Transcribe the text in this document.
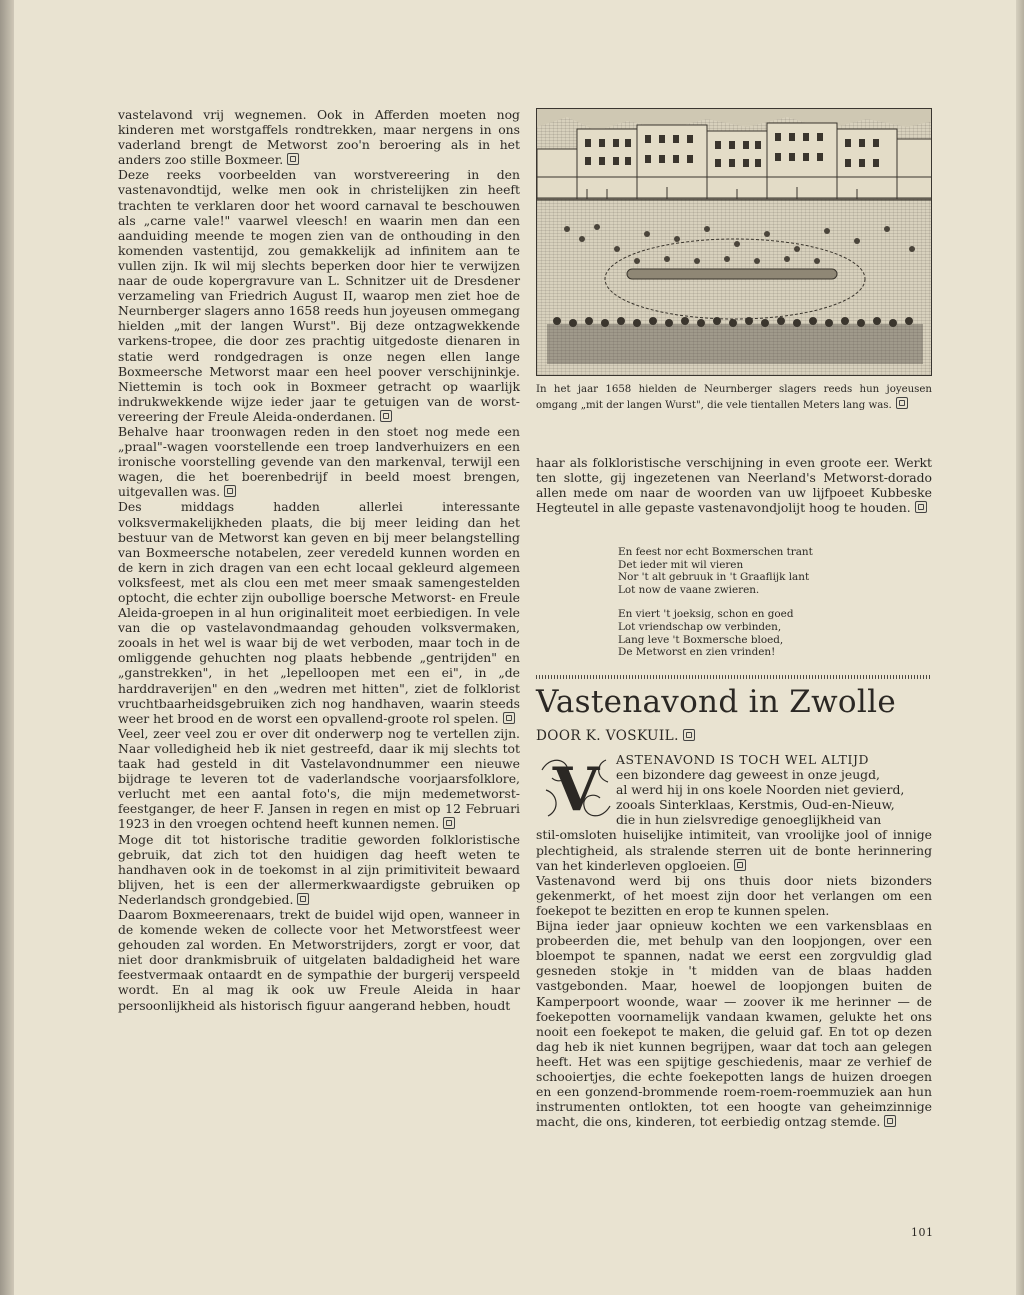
vastelavond vrij wegnemen. Ook in Afferden moeten nog kinderen met worstgaffels rondtrekken, maar nergens in ons vaderland brengt de Metworst zoo'n beroering als in het anders zoo stille Boxmeer.

Deze reeks voorbeelden van worstvereering in den vastenavondtijd, welke men ook in christelijken zin heeft trachten te verklaren door het woord carnaval te beschouwen als „carne vale!" vaarwel vleesch! en waarin men dan een aanduiding meende te mogen zien van de onthouding in den komenden vastentijd, zou gemakkelijk ad infinitem aan te vullen zijn. Ik wil mij slechts beperken door hier te verwijzen naar de oude kopergravure van L. Schnitzer uit de Dresdener verzameling van Friedrich August II, waarop men ziet hoe de Neurnberger slagers anno 1658 reeds hun joyeusen ommegang hielden „mit der langen Wurst". Bij deze ontzagwekkende varkens-tropee, die door zes prachtig uitgedoste dienaren in statie werd rondgedragen is onze negen ellen lange Boxmeersche Metworst maar een heel poover verschijninkje. Niettemin is toch ook in Boxmeer getracht op waarlijk indrukwekkende wijze ieder jaar te getuigen van de worst-vereering der Freule Aleida-onderdanen.

Behalve haar troonwagen reden in den stoet nog mede een „praal"-wagen voorstellende een troep landverhuizers en een ironische voorstelling gevende van den markenval, terwijl een wagen, die het boerenbedrijf in beeld moest brengen, uitgevallen was.

Des middags hadden allerlei interessante volksvermakelijkheden plaats, die bij meer leiding dan het bestuur van de Metworst kan geven en bij meer belangstelling van Boxmeersche notabelen, zeer veredeld kunnen worden en de kern in zich dragen van een echt locaal gekleurd algemeen volksfeest, met als clou een met meer smaak samengestelden optocht, die echter zijn oubollige boersche Metworst- en Freule Aleida-groepen in al hun originaliteit moet eerbiedigen. In vele van die op vastelavondmaandag gehouden volksvermaken, zooals in het wel is waar bij de wet verboden, maar toch in de omliggende gehuchten nog plaats hebbende „gentrijden" en „ganstrekken", in het „lepelloopen met een ei", in „de harddraverijen" en den „wedren met hitten", ziet de folklorist vruchtbaarheidsgebruiken zich nog handhaven, waarin steeds weer het brood en de worst een opvallend-groote rol spelen.

Veel, zeer veel zou er over dit onderwerp nog te vertellen zijn. Naar volledigheid heb ik niet gestreefd, daar ik mij slechts tot taak had gesteld in dit Vastelavondnummer een nieuwe bijdrage te leveren tot de vaderlandsche voorjaarsfolklore, verlucht met een aantal foto's, die mijn medemetworst-feestganger, de heer F. Jansen in regen en mist op 12 Februari 1923 in den vroegen ochtend heeft kunnen nemen.

Moge dit tot historische traditie geworden folkloristische gebruik, dat zich tot den huidigen dag heeft weten te handhaven ook in de toekomst in al zijn primitiviteit bewaard blijven, het is een der allermerkwaardigste gebruiken op Nederlandsch grondgebied.

Daarom Boxmeerenaars, trekt de buidel wijd open, wanneer in de komende weken de collecte voor het Metworstfeest weer gehouden zal worden. En Metworstrijders, zorgt er voor, dat niet door drankmisbruik of uitgelaten baldadigheid het ware feestvermaak ontaardt en de sympathie der burgerij verspeeld wordt. En al mag ik ook uw Freule Aleida in haar persoonlijkheid als historisch figuur aangerand hebben, houdt

In het jaar 1658 hielden de Neurnberger slagers reeds hun joyeusen omgang „mit der langen Wurst", die vele tientallen Meters lang was.

haar als folkloristische verschijning in even groote eer. Werkt ten slotte, gij ingezetenen van Neerland's Metworst-dorado allen mede om naar de woorden van uw lijfpoeet Kubbeske Hegteutel in alle gepaste vastenavondjolijt hoog te houden.

En feest nor echt Boxmerschen trant
Det ieder mit wil vieren
Nor 't alt gebruuk in 't Graaflijk lant
Lot now de vaane zwieren.
En viert 't joeksig, schon en goed
Lot vriendschap ow verbinden,
Lang leve 't Boxmersche bloed,
De Metworst en zien vrinden!
Vastenavond in Zwolle

DOOR K. VOSKUIL.

V	ASTENAVOND IS TOCH WEL ALTIJD
een bizondere dag geweest in onze jeugd,
al werd hij in ons koele Noorden niet gevierd,
zooals Sinterklaas, Kerstmis, Oud-en-Nieuw,
die in hun zielsvredige genoeglijkheid van

stil-omsloten huiselijke intimiteit, van vroolijke jool of innige plechtigheid, als stralende sterren uit de bonte herinnering van het kinderleven opgloeien.

Vastenavond werd bij ons thuis door niets bizonders gekenmerkt, of het moest zijn door het verlangen om een foekepot te bezitten en erop te kunnen spelen.

Bijna ieder jaar opnieuw kochten we een varkensblaas en probeerden die, met behulp van den loopjongen, over een bloempot te spannen, nadat we eerst een zorgvuldig glad gesneden stokje in 't midden van de blaas hadden vastgebonden. Maar, hoewel de loopjongen buiten de Kamperpoort woonde, waar — zoover ik me herinner — de foekepotten voornamelijk vandaan kwamen, gelukte het ons nooit een foekepot te maken, die geluid gaf. En tot op dezen dag heb ik niet kunnen begrijpen, waar dat toch aan gelegen heeft. Het was een spijtige geschiedenis, maar ze verhief de schooiertjes, die echte foekepotten langs de huizen droegen en een gonzend-brommende roem-roem-roemmuziek aan hun instrumenten ontlokten, tot een hoogte van geheimzinnige macht, die ons, kinderen, tot eerbiedig ontzag stemde.

101
